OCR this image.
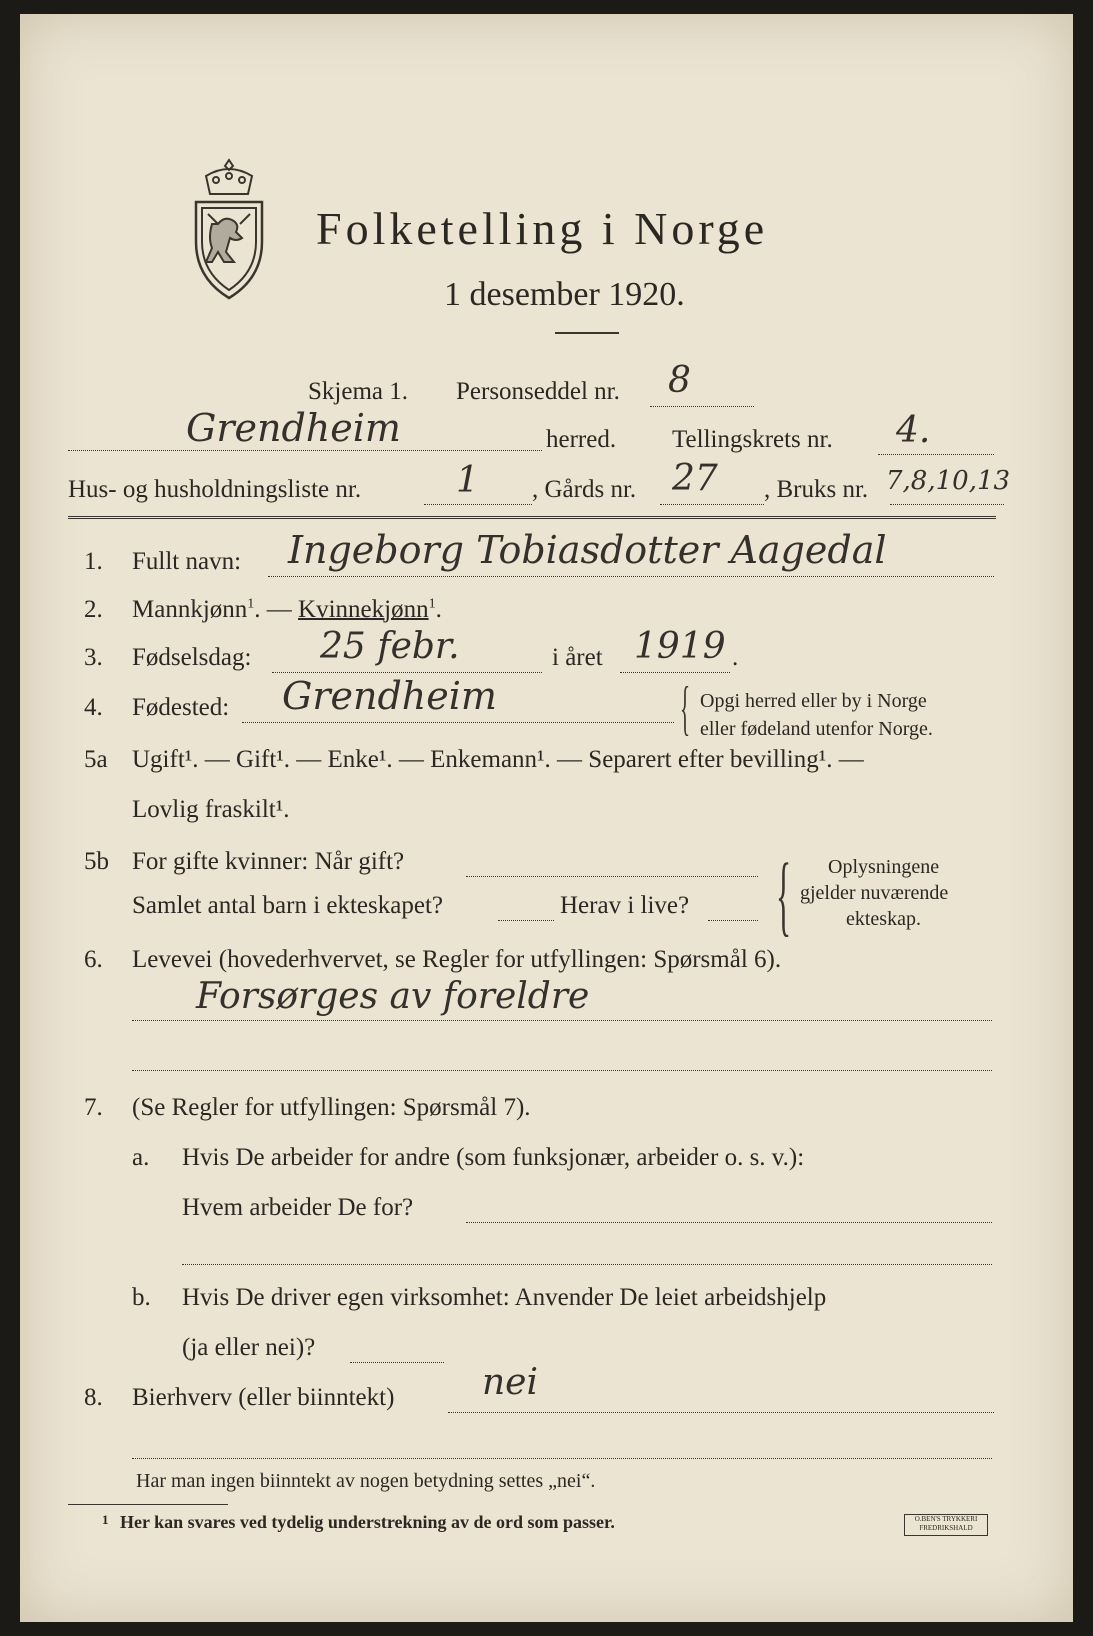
Folketelling i Norge
1 desember 1920.
Skjema 1. Personseddel nr. 8
Grendheim	herred. Tellingskrets nr. 4.
Hus- og husholdningsliste nr.	1 , Gårds nr. 27 , Bruks nr. 7,8,10,13
1. Fullt navn: Ingeborg Tobiasdotter Aagedal
2. Mannkjønn$^1$. — Kvinnekjønn$^1$.
3. Fødselsdag: 25 febr.	i året 1919 .
4. Fødested: Grendheim	{ Opgi herred eller by i Norge
eller fødeland utenfor Norge.
5a Ugift¹. — Gift¹. — Enke¹. — Enkemann¹. — Separert efter bevilling¹. —
Lovlig fraskilt¹.
5b For gifte kvinner: Når gift?
Samlet antal barn i ekteskapet?	Herav i live? { Oplysningene
gjelder nuværende
ekteskap.
6. Levevei (hovederhvervet, se Regler for utfyllingen: Spørsmål 6).
Forsørges av foreldre
7. (Se Regler for utfyllingen: Spørsmål 7).
a. Hvis De arbeider for andre (som funksjonær, arbeider o. s. v.):
Hvem arbeider De for?
b. Hvis De driver egen virksomhet: Anvender De leiet arbeidshjelp
(ja eller nei)?
8. Bierhverv (eller biinntekt) nei
Har man ingen biinntekt av nogen betydning settes „nei“.
1 Her kan svares ved tydelig understrekning av de ord som passer.	O.BEN'S TRYKKERI FREDRIKSHALD
